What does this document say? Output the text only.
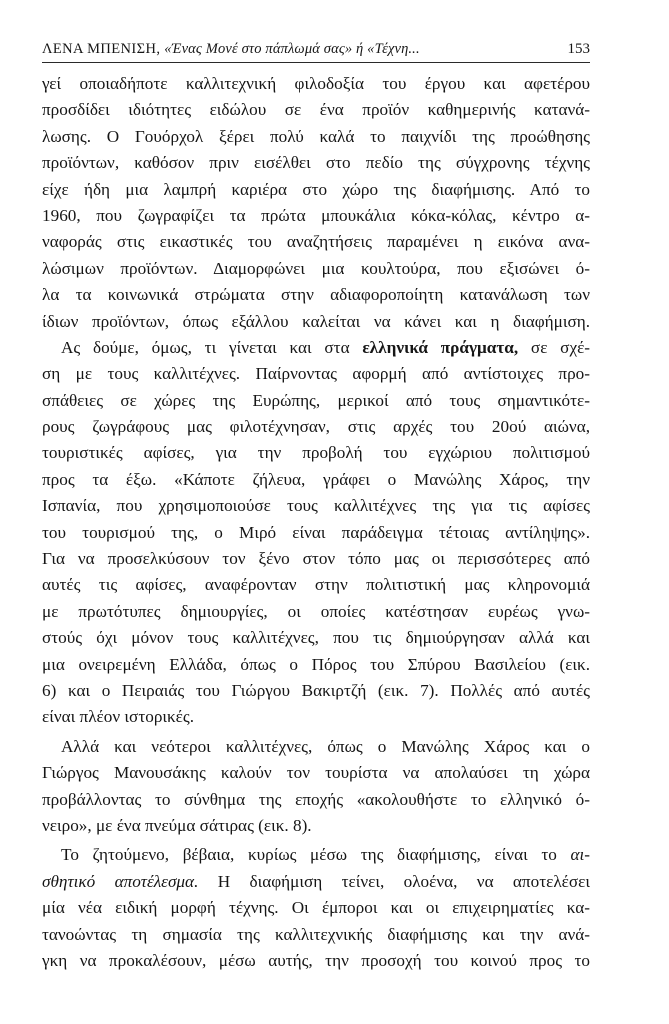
ΛΕΝΑ ΜΠΕΝΙΣΗ, «Ένας Μονέ στο πάπλωμά σας» ή «Τέχνη...	153
γεί οποιαδήποτε καλλιτεχνική φιλοδοξία του έργου και αφετέρου
προσδίδει ιδιότητες ειδώλου σε ένα προϊόν καθημερινής κατανά-
λωσης. Ο Γουόρχολ ξέρει πολύ καλά το παιχνίδι της προώθησης
προϊόντων, καθόσον πριν εισέλθει στο πεδίο της σύγχρονης τέχνης
είχε ήδη μια λαμπρή καριέρα στο χώρο της διαφήμισης. Από το
1960, που ζωγραφίζει τα πρώτα μπουκάλια κόκα-κόλας, κέντρο α-
ναφοράς στις εικαστικές του αναζητήσεις παραμένει η εικόνα ανα-
λώσιμων προϊόντων. Διαμορφώνει μια κουλτούρα, που εξισώνει ό-
λα τα κοινωνικά στρώματα στην αδιαφοροποίητη κατανάλωση των
ίδιων προϊόντων, όπως εξάλλου καλείται να κάνει και η διαφήμιση.
Ας δούμε, όμως, τι γίνεται και στα ελληνικά πράγματα, σε σχέ-
ση με τους καλλιτέχνες. Παίρνοντας αφορμή από αντίστοιχες προ-
σπάθειες σε χώρες της Ευρώπης, μερικοί από τους σημαντικότε-
ρους ζωγράφους μας φιλοτέχνησαν, στις αρχές του 20ού αιώνα,
τουριστικές αφίσες, για την προβολή του εγχώριου πολιτισμού
προς τα έξω. «Κάποτε ζήλευα, γράφει ο Μανώλης Χάρος, την
Ισπανία, που χρησιμοποιούσε τους καλλιτέχνες της για τις αφίσες
του τουρισμού της, ο Μιρό είναι παράδειγμα τέτοιας αντίληψης».
Για να προσελκύσουν τον ξένο στον τόπο μας οι περισσότερες από
αυτές τις αφίσες, αναφέρονταν στην πολιτιστική μας κληρονομιά
με πρωτότυπες δημιουργίες, οι οποίες κατέστησαν ευρέως γνω-
στούς όχι μόνον τους καλλιτέχνες, που τις δημιούργησαν αλλά και
μια ονειρεμένη Ελλάδα, όπως ο Πόρος του Σπύρου Βασιλείου (εικ.
6) και ο Πειραιάς του Γιώργου Βακιρτζή (εικ. 7). Πολλές από αυτές
είναι πλέον ιστορικές.
Αλλά και νεότεροι καλλιτέχνες, όπως ο Μανώλης Χάρος και ο
Γιώργος Μανουσάκης καλούν τον τουρίστα να απολαύσει τη χώρα
προβάλλοντας το σύνθημα της εποχής «ακολουθήστε το ελληνικό ό-
νειρο», με ένα πνεύμα σάτιρας (εικ. 8).
Το ζητούμενο, βέβαια, κυρίως μέσω της διαφήμισης, είναι το αι-
σθητικό αποτέλεσμα. Η διαφήμιση τείνει, ολοένα, να αποτελέσει
μία νέα ειδική μορφή τέχνης. Οι έμποροι και οι επιχειρηματίες κα-
τανοώντας τη σημασία της καλλιτεχνικής διαφήμισης και την ανά-
γκη να προκαλέσουν, μέσω αυτής, την προσοχή του κοινού προς το
